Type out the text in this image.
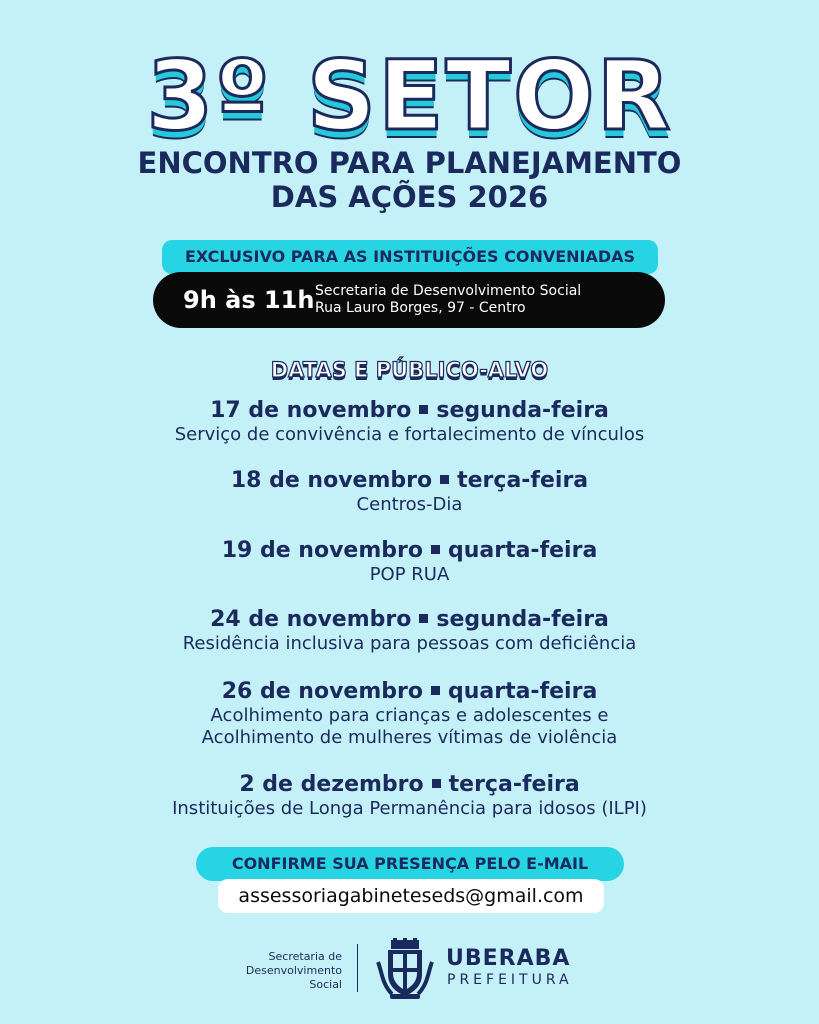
3º SETOR
ENCONTRO PARA PLANEJAMENTO
DAS AÇÕES 2026
EXCLUSIVO PARA AS INSTITUIÇÕES CONVENIADAS
9h às 11h Secretaria de Desenvolvimento Social
Rua Lauro Borges, 97 - Centro
DATAS E PÚBLICO-ALVO
17 de novembro segunda-feira
Serviço de convivência e fortalecimento de vínculos
18 de novembro terça-feira
Centros-Dia
19 de novembro quarta-feira
POP RUA
24 de novembro segunda-feira
Residência inclusiva para pessoas com deficiência
26 de novembro quarta-feira
Acolhimento para crianças e adolescentes e
Acolhimento de mulheres vítimas de violência
2 de dezembro terça-feira
Instituições de Longa Permanência para idosos (ILPI)
CONFIRME SUA PRESENÇA PELO E-MAIL
assessoriagabineteseds@gmail.com
Secretaria de
Desenvolvimento
Social
UBERABA
PREFEITURA
